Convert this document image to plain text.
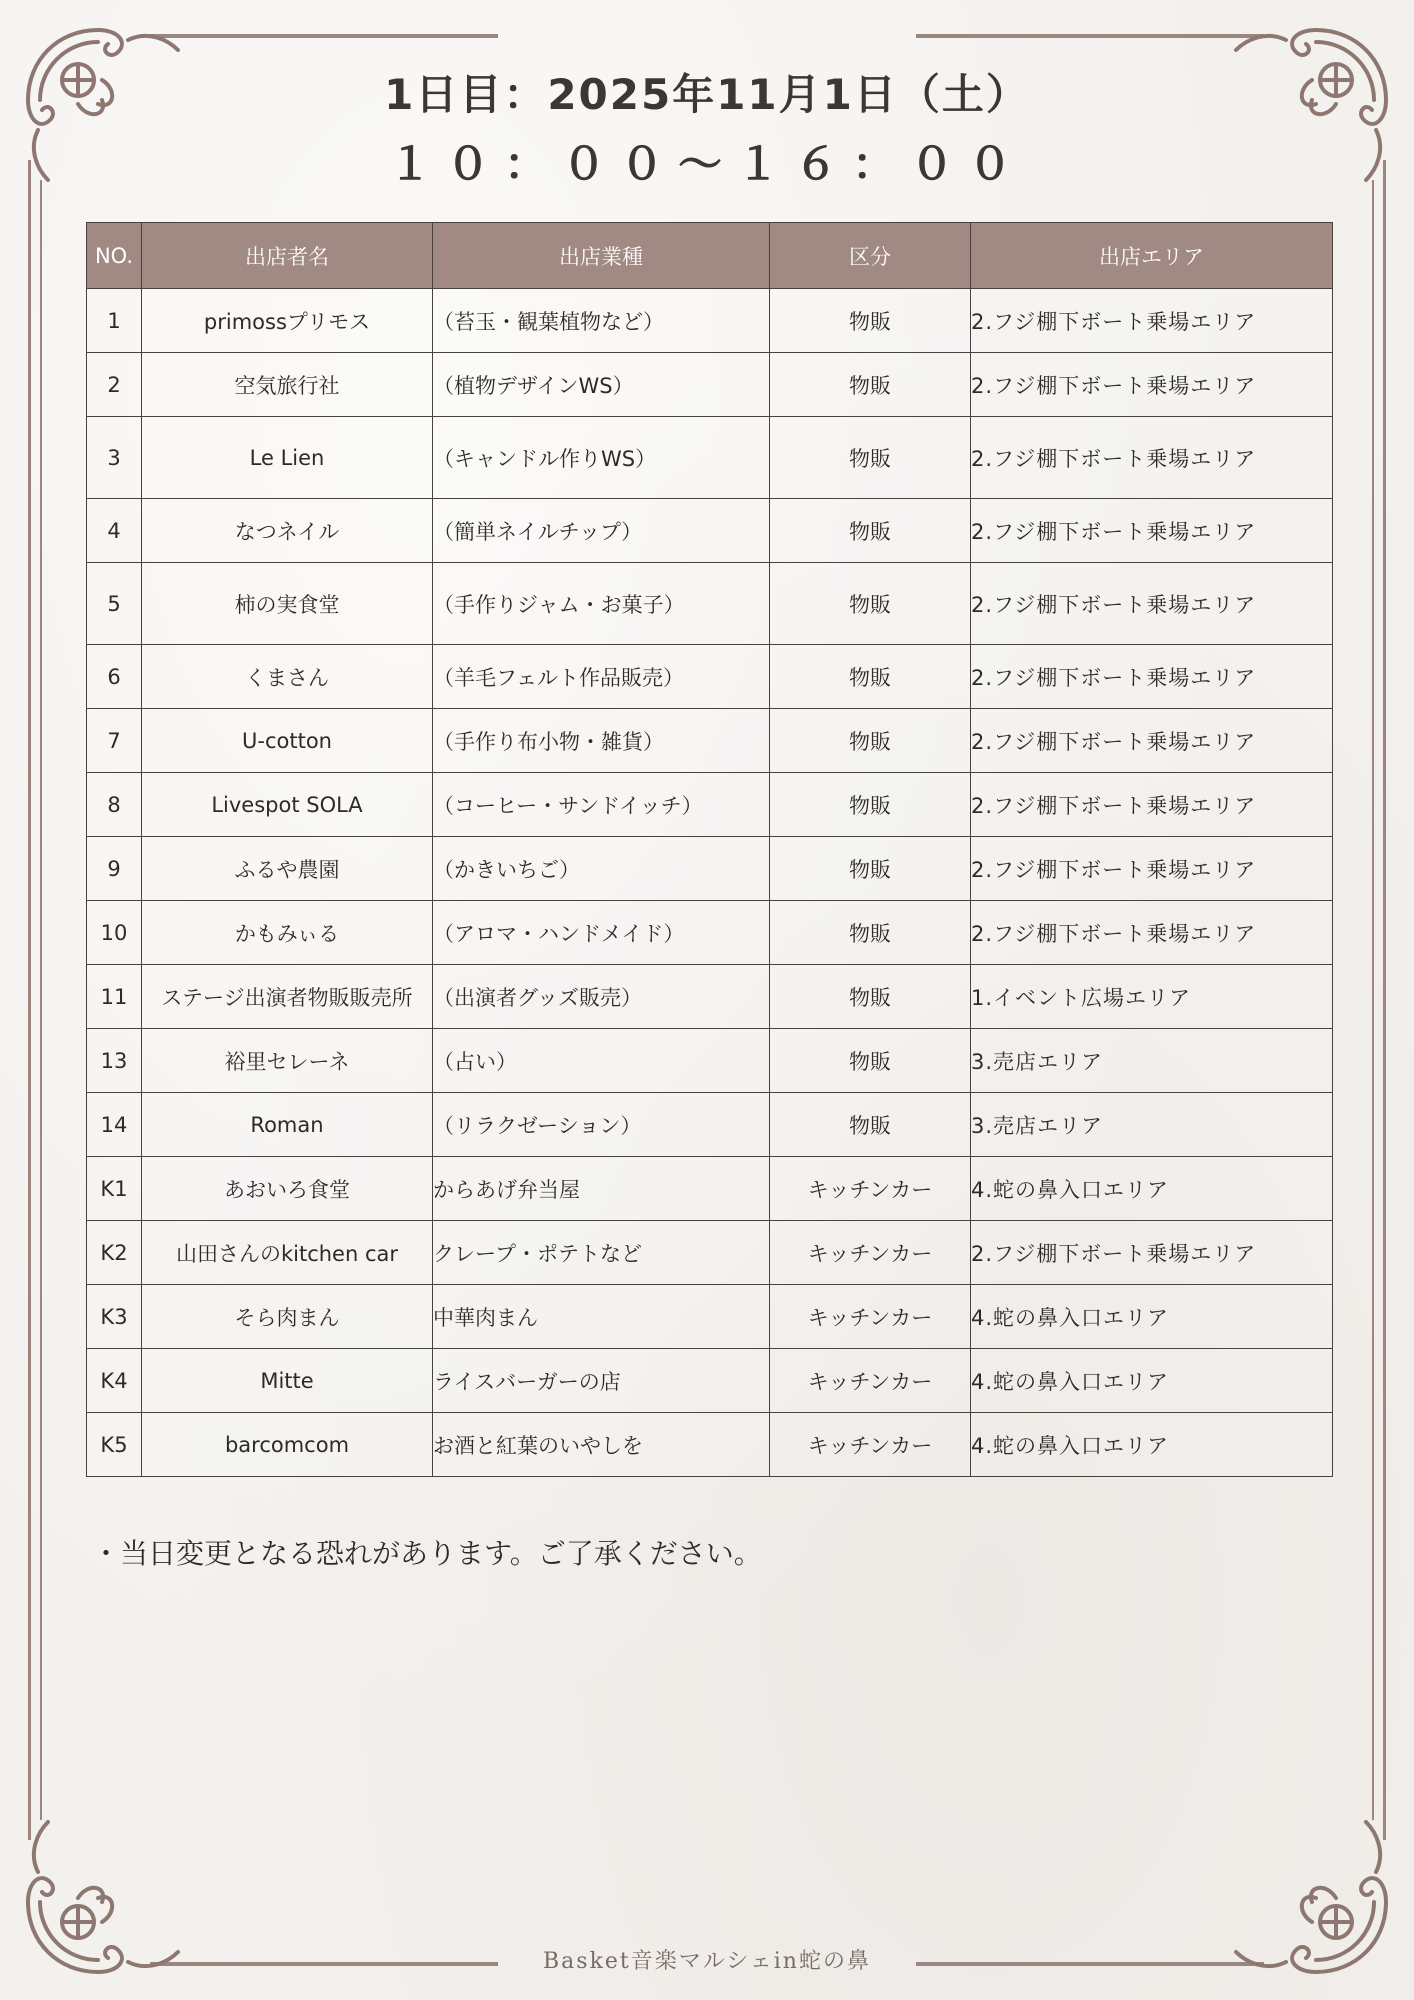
1日目：2025年11月1日（土）
１０：００～１６：００
NO.	出店者名	出店業種	区分	出店エリア
1	primossプリモス	（苔玉・観葉植物など）	物販	2.フジ棚下ボート乗場エリア
2	空気旅行社	（植物デザインWS）	物販	2.フジ棚下ボート乗場エリア
3	Le Lien	（キャンドル作りWS）	物販	2.フジ棚下ボート乗場エリア
4	なつネイル	（簡単ネイルチップ）	物販	2.フジ棚下ボート乗場エリア
5	柿の実食堂	（手作りジャム・お菓子）	物販	2.フジ棚下ボート乗場エリア
6	くまさん	（羊毛フェルト作品販売）	物販	2.フジ棚下ボート乗場エリア
7	U-cotton	（手作り布小物・雑貨）	物販	2.フジ棚下ボート乗場エリア
8	Livespot SOLA	（コーヒー・サンドイッチ）	物販	2.フジ棚下ボート乗場エリア
9	ふるや農園	（かきいちご）	物販	2.フジ棚下ボート乗場エリア
10	かもみぃる	（アロマ・ハンドメイド）	物販	2.フジ棚下ボート乗場エリア
11	ステージ出演者物販販売所	（出演者グッズ販売）	物販	1.イベント広場エリア
13	裕里セレーネ	（占い）	物販	3.売店エリア
14	Roman	（リラクゼーション）	物販	3.売店エリア
K1	あおいろ食堂	からあげ弁当屋	キッチンカー	4.蛇の鼻入口エリア
K2	山田さんのkitchen car	クレープ・ポテトなど	キッチンカー	2.フジ棚下ボート乗場エリア
K3	そら肉まん	中華肉まん	キッチンカー	4.蛇の鼻入口エリア
K4	Mitte	ライスバーガーの店	キッチンカー	4.蛇の鼻入口エリア
K5	barcomcom	お酒と紅葉のいやしを	キッチンカー	4.蛇の鼻入口エリア
・当日変更となる恐れがあります。ご了承ください。
Basket音楽マルシェin蛇の鼻
